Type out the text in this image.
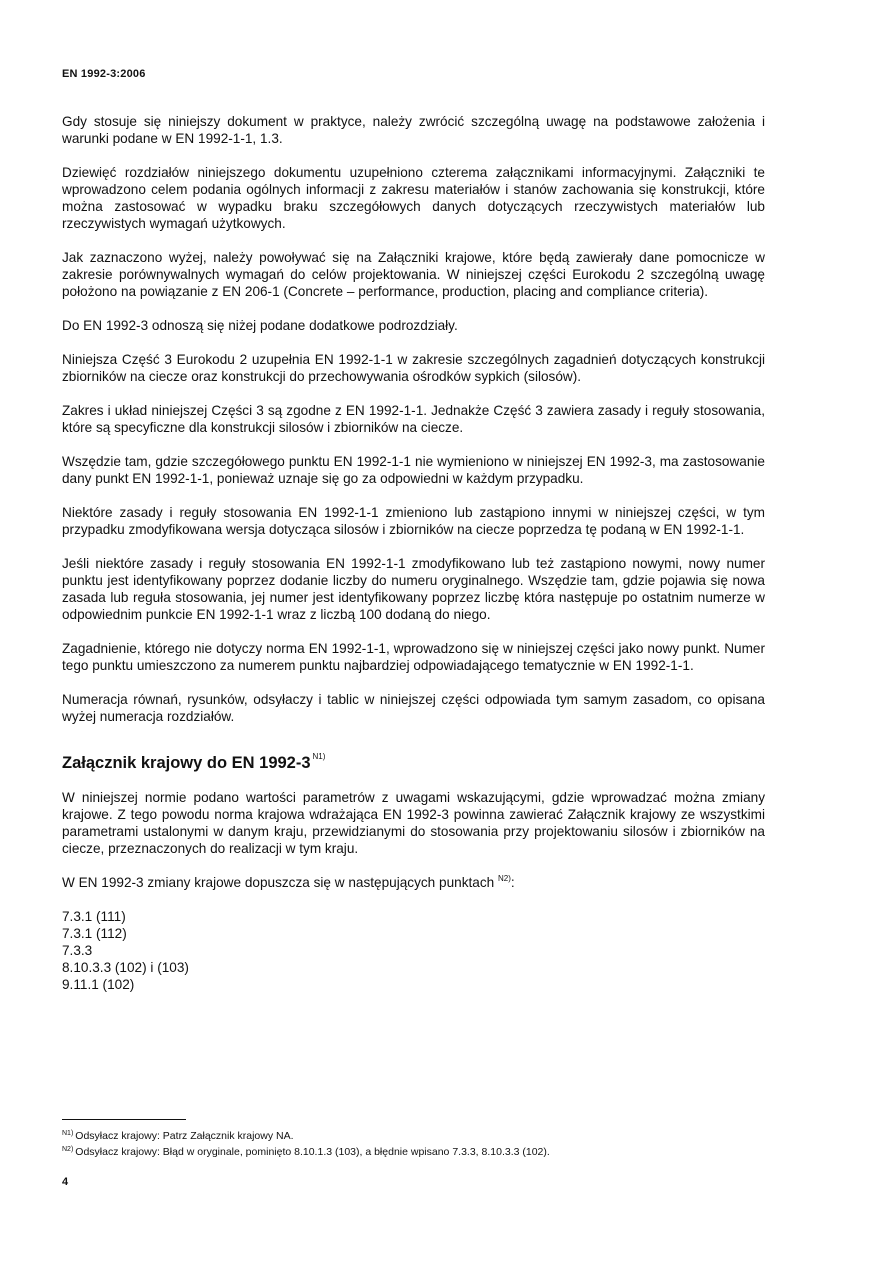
EN 1992-3:2006

Gdy stosuje się niniejszy dokument w praktyce, należy zwrócić szczególną uwagę na podstawowe założenia i warunki podane w EN 1992-1-1, 1.3.

Dziewięć rozdziałów niniejszego dokumentu uzupełniono czterema załącznikami informacyjnymi. Załączniki te wprowadzono celem podania ogólnych informacji z zakresu materiałów i stanów zachowania się konstrukcji, które można zastosować w wypadku braku szczegółowych danych dotyczących rzeczywistych materiałów lub rzeczywistych wymagań użytkowych.

Jak zaznaczono wyżej, należy powoływać się na Załączniki krajowe, które będą zawierały dane pomocnicze w zakresie porównywalnych wymagań do celów projektowania. W niniejszej części Eurokodu 2 szczególną uwagę położono na powiązanie z EN 206-1 (Concrete – performance, production, placing and compliance criteria).

Do EN 1992-3 odnoszą się niżej podane dodatkowe podrozdziały.

Niniejsza Część 3 Eurokodu 2 uzupełnia EN 1992-1-1 w zakresie szczególnych zagadnień dotyczących konstrukcji zbiorników na ciecze oraz konstrukcji do przechowywania ośrodków sypkich (silosów).

Zakres i układ niniejszej Części 3 są zgodne z EN 1992-1-1. Jednakże Część 3 zawiera zasady i reguły stosowania, które są specyficzne dla konstrukcji silosów i zbiorników na ciecze.

Wszędzie tam, gdzie szczegółowego punktu EN 1992-1-1 nie wymieniono w niniejszej EN 1992-3, ma zastosowanie dany punkt EN 1992-1-1, ponieważ uznaje się go za odpowiedni w każdym przypadku.

Niektóre zasady i reguły stosowania EN 1992-1-1 zmieniono lub zastąpiono innymi w niniejszej części, w tym przypadku zmodyfikowana wersja dotycząca silosów i zbiorników na ciecze poprzedza tę podaną w EN 1992-1-1.

Jeśli niektóre zasady i reguły stosowania EN 1992-1-1 zmodyfikowano lub też zastąpiono nowymi, nowy numer punktu jest identyfikowany poprzez dodanie liczby do numeru oryginalnego. Wszędzie tam, gdzie pojawia się nowa zasada lub reguła stosowania, jej numer jest identyfikowany poprzez liczbę która następuje po ostatnim numerze w odpowiednim punkcie EN 1992-1-1 wraz z liczbą 100 dodaną do niego.

Zagadnienie, którego nie dotyczy norma EN 1992-1-1, wprowadzono się w niniejszej części jako nowy punkt. Numer tego punktu umieszczono za numerem punktu najbardziej odpowiadającego tematycznie w EN 1992-1-1.

Numeracja równań, rysunków, odsyłaczy i tablic w niniejszej części odpowiada tym samym zasadom, co opisana wyżej numeracja rozdziałów.

Załącznik krajowy do EN 1992-3 $^{N1)}$

W niniejszej normie podano wartości parametrów z uwagami wskazującymi, gdzie wprowadzać można zmiany krajowe. Z tego powodu norma krajowa wdrażająca EN 1992-3 powinna zawierać Załącznik krajowy ze wszystkimi parametrami ustalonymi w danym kraju, przewidzianymi do stosowania przy projektowaniu silosów i zbiorników na ciecze, przeznaczonych do realizacji w tym kraju.

W EN 1992-3 zmiany krajowe dopuszcza się w następujących punktach $^{N2)}$:

7.3.1 (111)
7.3.1 (112)
7.3.3
8.10.3.3 (102) i (103)
9.11.1 (102)
$^{N1)}$ Odsyłacz krajowy: Patrz Załącznik krajowy NA.
$^{N2)}$ Odsyłacz krajowy: Błąd w oryginale, pominięto 8.10.1.3 (103), a błędnie wpisano 7.3.3, 8.10.3.3 (102).
4
